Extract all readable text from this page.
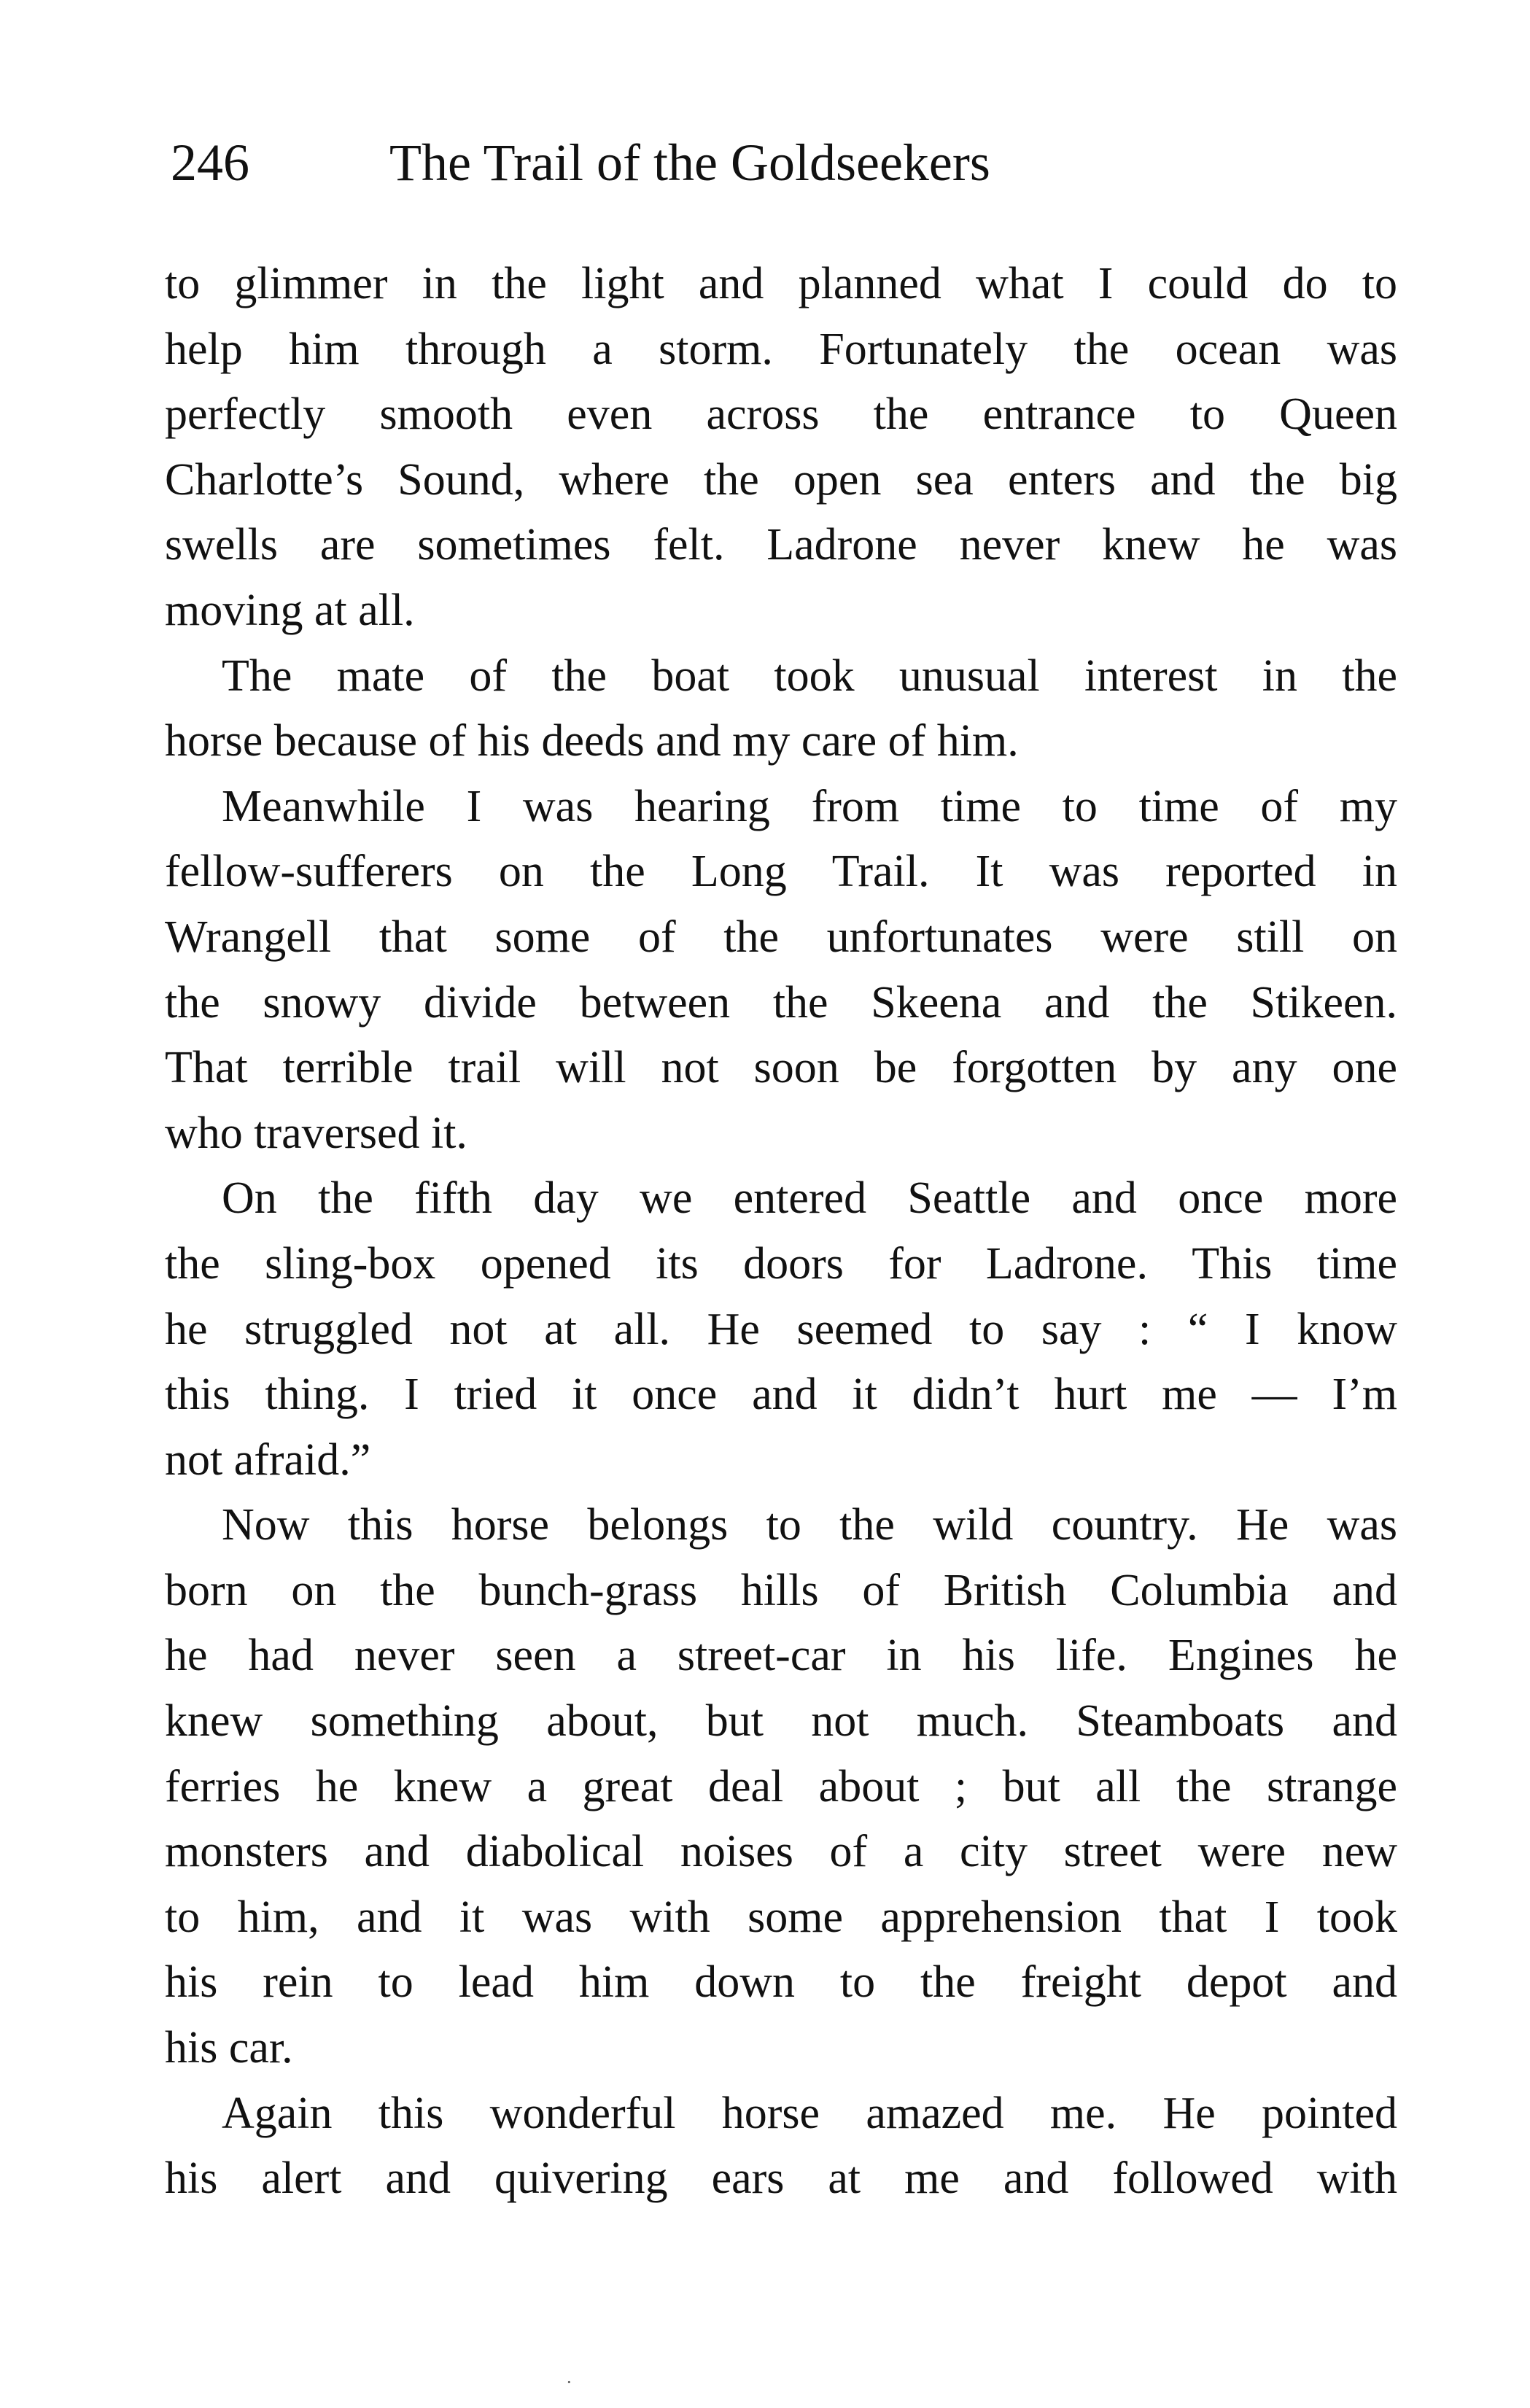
246	The Trail of the Goldseekers
to glimmer in the light and planned what I could do to
help him through a storm. Fortunately the ocean was
perfectly smooth even across the entrance to Queen
Charlotte’s Sound, where the open sea enters and the big
swells are sometimes felt. Ladrone never knew he was
moving at all.
The mate of the boat took unusual interest in the
horse because of his deeds and my care of him.
Meanwhile I was hearing from time to time of my
fellow-sufferers on the Long Trail. It was reported in
Wrangell that some of the unfortunates were still on
the snowy divide between the Skeena and the Stikeen.
That terrible trail will not soon be forgotten by any one
who traversed it.
On the fifth day we entered Seattle and once more
the sling-box opened its doors for Ladrone. This time
he struggled not at all. He seemed to say : “ I know
this thing. I tried it once and it didn’t hurt me — I’m
not afraid.”
Now this horse belongs to the wild country. He was
born on the bunch-grass hills of British Columbia and
he had never seen a street-car in his life. Engines he
knew something about, but not much. Steamboats and
ferries he knew a great deal about ; but all the strange
monsters and diabolical noises of a city street were new
to him, and it was with some apprehension that I took
his rein to lead him down to the freight depot and
his car.
Again this wonderful horse amazed me. He pointed
his alert and quivering ears at me and followed with
·
